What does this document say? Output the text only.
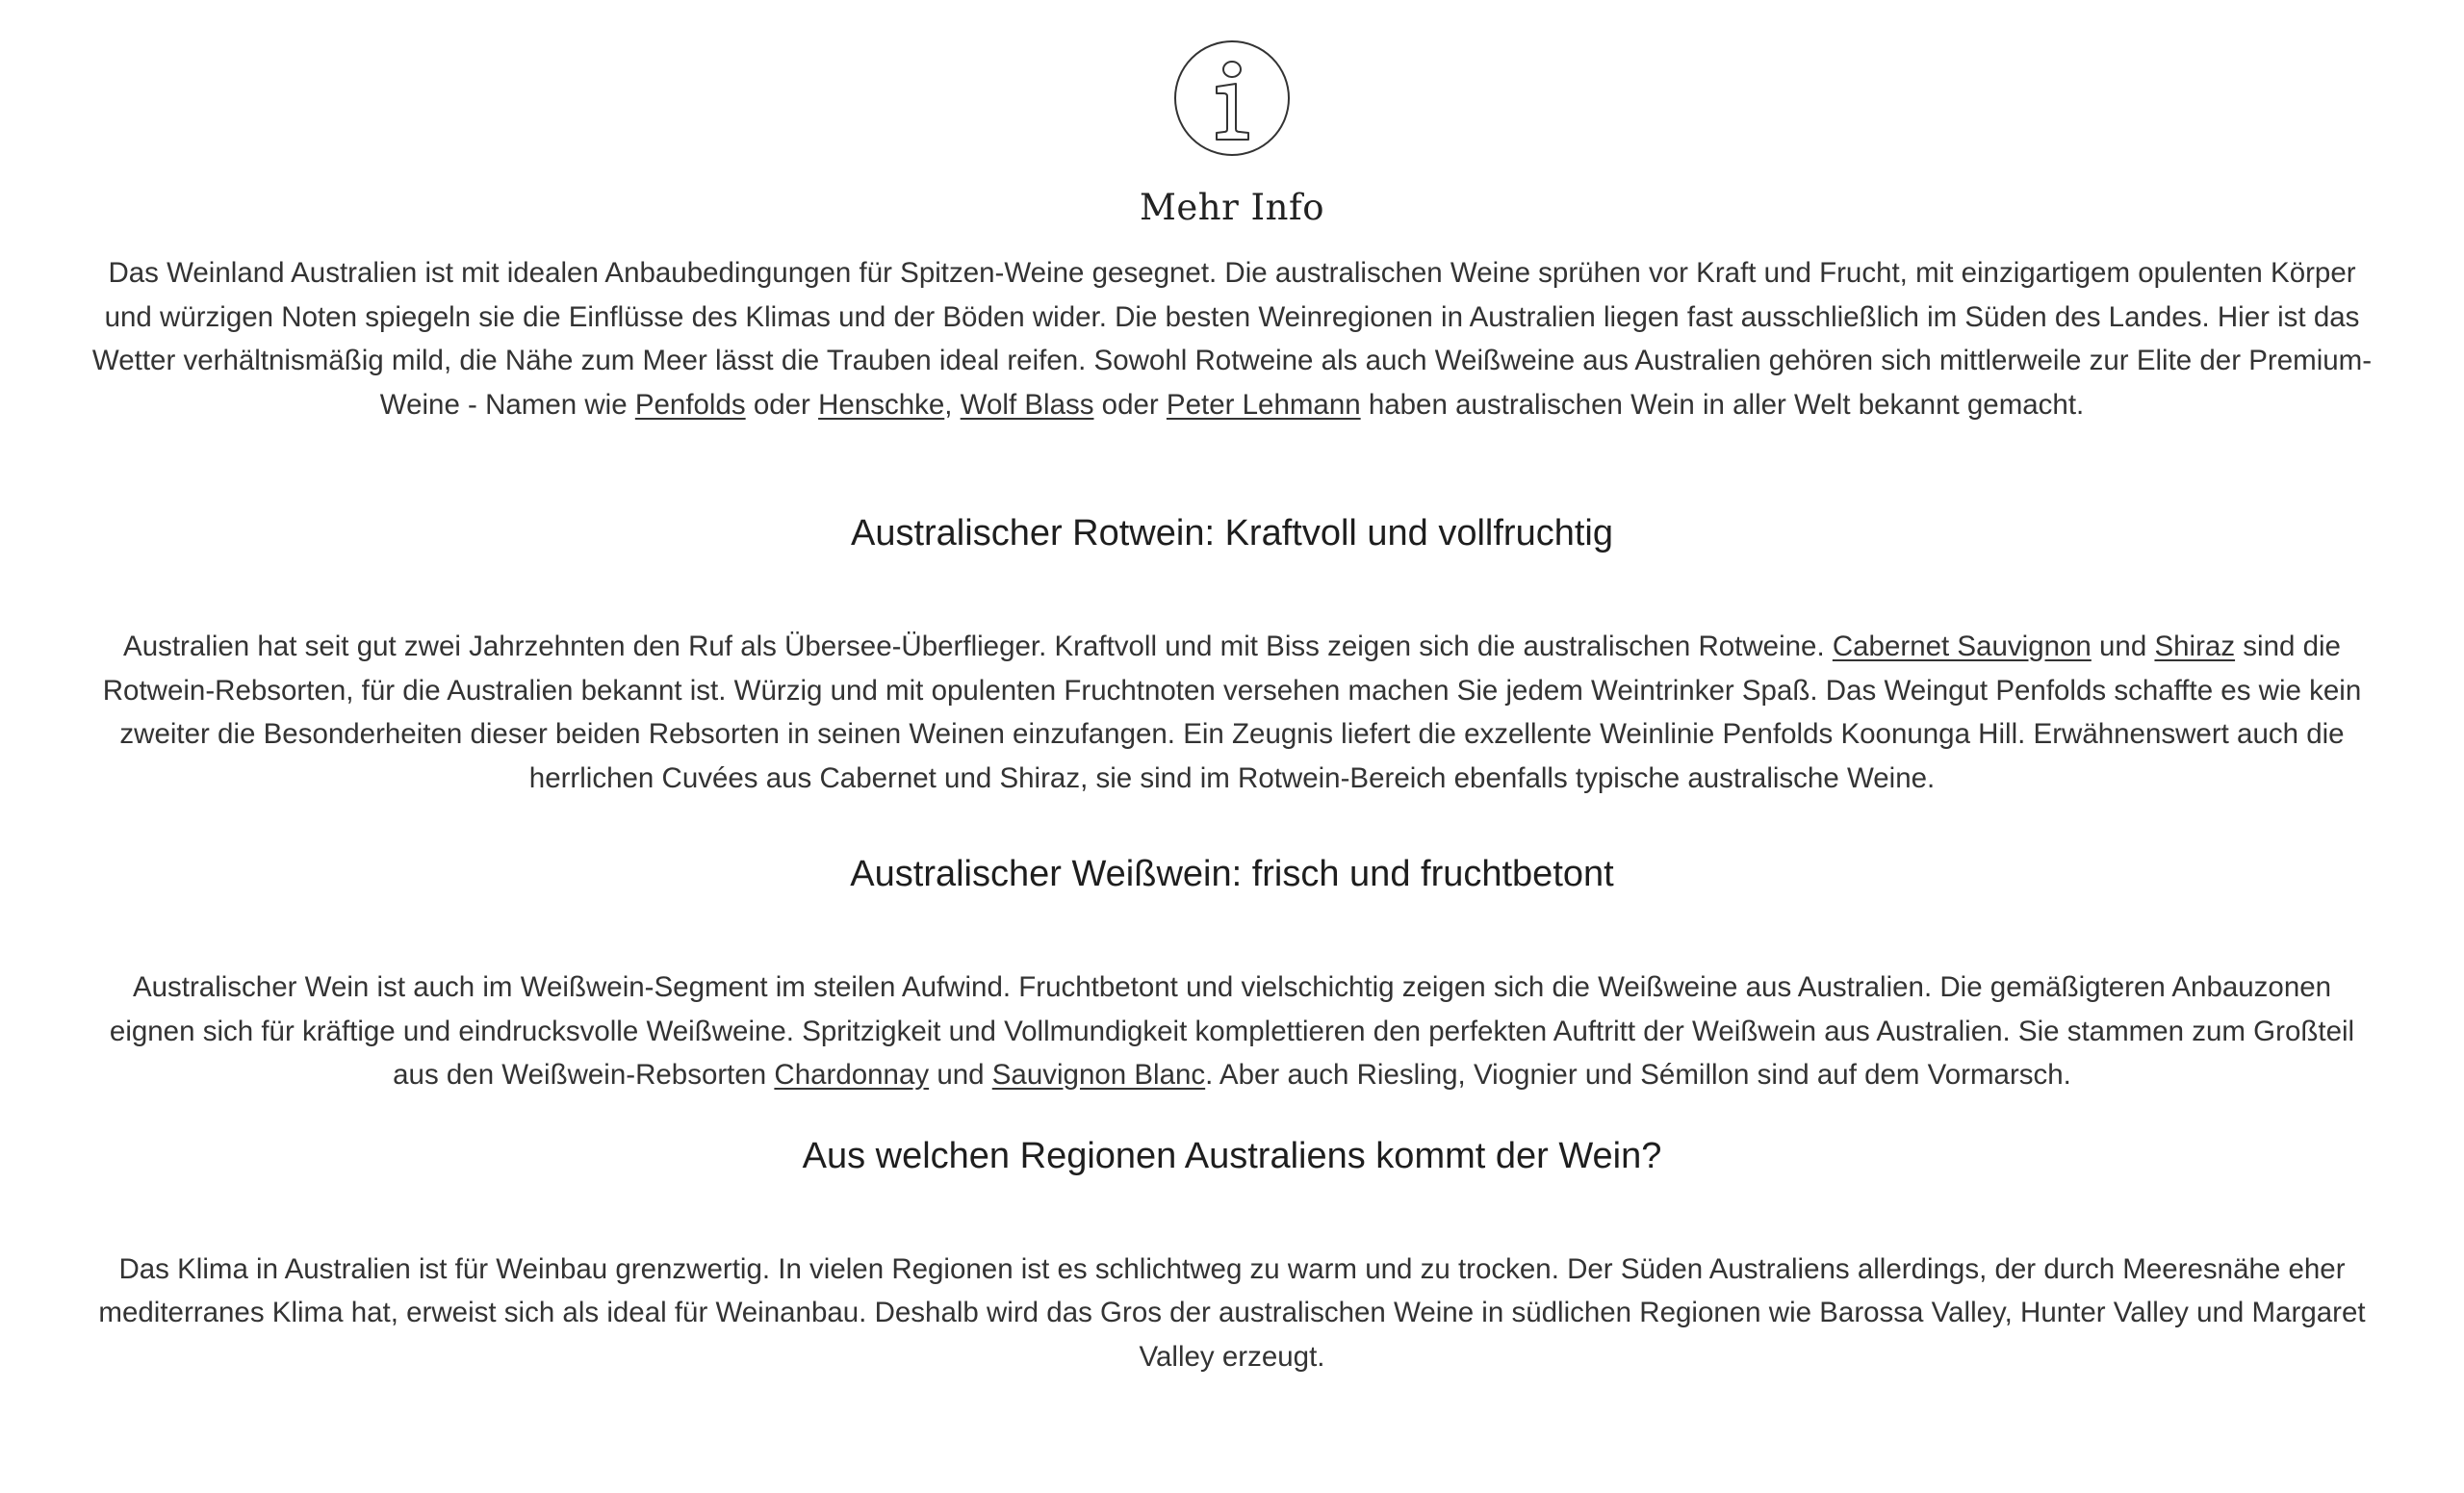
Mehr Info

Das Weinland Australien ist mit idealen Anbaubedingungen für Spitzen-Weine gesegnet. Die australischen Weine sprühen vor Kraft und Frucht, mit einzigartigem opulenten Körper und würzigen Noten spiegeln sie die Einflüsse des Klimas und der Böden wider. Die besten Weinregionen in Australien liegen fast ausschließlich im Süden des Landes. Hier ist das Wetter verhältnismäßig mild, die Nähe zum Meer lässt die Trauben ideal reifen. Sowohl Rotweine als auch Weißweine aus Australien gehören sich mittlerweile zur Elite der Premium-Weine - Namen wie Penfolds oder Henschke, Wolf Blass oder Peter Lehmann haben australischen Wein in aller Welt bekannt gemacht.

Australischer Rotwein: Kraftvoll und vollfruchtig

Australien hat seit gut zwei Jahrzehnten den Ruf als Übersee-Überflieger. Kraftvoll und mit Biss zeigen sich die australischen Rotweine. Cabernet Sauvignon und Shiraz sind die Rotwein-Rebsorten, für die Australien bekannt ist. Würzig und mit opulenten Fruchtnoten versehen machen Sie jedem Weintrinker Spaß. Das Weingut Penfolds schaffte es wie kein zweiter die Besonderheiten dieser beiden Rebsorten in seinen Weinen einzufangen. Ein Zeugnis liefert die exzellente Weinlinie Penfolds Koonunga Hill. Erwähnenswert auch die herrlichen Cuvées aus Cabernet und Shiraz, sie sind im Rotwein-Bereich ebenfalls typische australische Weine.

Australischer Weißwein: frisch und fruchtbetont

Australischer Wein ist auch im Weißwein-Segment im steilen Aufwind. Fruchtbetont und vielschichtig zeigen sich die Weißweine aus Australien. Die gemäßigteren Anbauzonen eignen sich für kräftige und eindrucksvolle Weißweine. Spritzigkeit und Vollmundigkeit komplettieren den perfekten Auftritt der Weißwein aus Australien. Sie stammen zum Großteil aus den Weißwein-Rebsorten Chardonnay und Sauvignon Blanc. Aber auch Riesling, Viognier und Sémillon sind auf dem Vormarsch.

Aus welchen Regionen Australiens kommt der Wein?

Das Klima in Australien ist für Weinbau grenzwertig. In vielen Regionen ist es schlichtweg zu warm und zu trocken. Der Süden Australiens allerdings, der durch Meeresnähe eher mediterranes Klima hat, erweist sich als ideal für Weinanbau. Deshalb wird das Gros der australischen Weine in südlichen Regionen wie Barossa Valley, Hunter Valley und Margaret Valley erzeugt.
